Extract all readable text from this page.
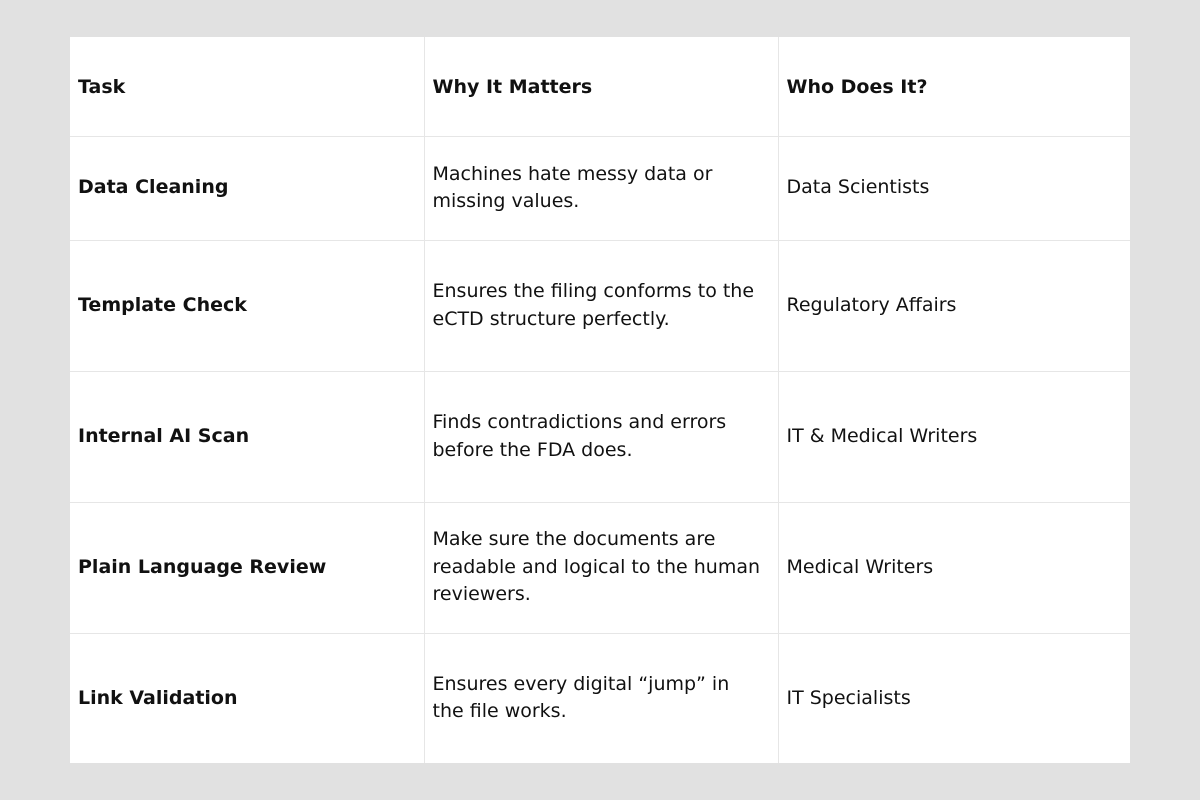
Task	Why It Matters	Who Does It?
Data Cleaning	Machines hate messy data or missing values.	Data Scientists
Template Check	Ensures the filing conforms to the eCTD structure perfectly.	Regulatory Affairs
Internal AI Scan	Finds contradictions and errors before the FDA does.	IT & Medical Writers
Plain Language Review	Make sure the documents are readable and logical to the human reviewers.	Medical Writers
Link Validation	Ensures every digital “jump” in the file works.	IT Specialists
